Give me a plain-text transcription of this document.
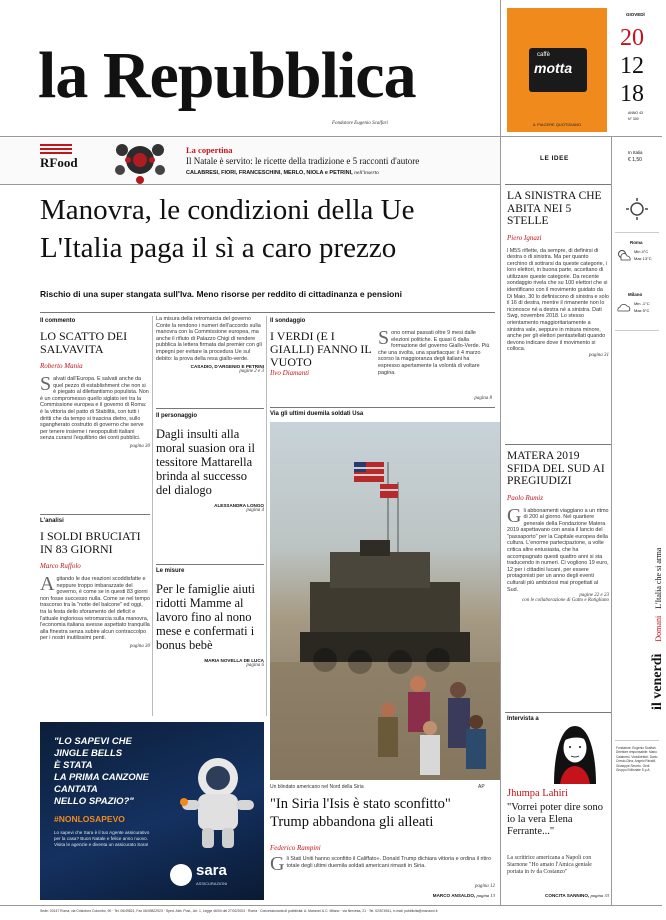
la Repubblica
Fondatore Eugenio Scalfari
caffè
motta
IL PIACERE QUOTIDIANO
GIOVEDÌ
20
12
18
ANNO 43
N° 300
RFood
La copertina
Il Natale è servito: le ricette della tradizione e 5 racconti d'autore
CALABRESI, FIORI, FRANCESCHINI, MERLO, NIOLA e PETRINI, nell'inserto
In Italia
€ 1,50
Manovra, le condizioni della Ue
L'Italia paga il sì a caro prezzo
Rischio di una super stangata sull'Iva. Meno risorse per reddito di cittadinanza e pensioni
Il commento
LO SCATTO DEI SALVAVITA
Roberto Mania
Salvati dall'Europa. E salvati anche da quel pezzo di establishment che non si è piegato al dilettantismo populista. Non è un compromesso quello siglato ieri tra la Commissione europea e il governo di Roma: è la vittoria del patto di Stabilità, con tutti i diritti che da tempo si trascina dietro, sullo sgangherato costrutto di governo che serve per tenere insieme i neopopulisti italiani senza curarsi l'equilibrio dei conti pubblici.
pagina 30
L'analisi
I SOLDI BRUCIATI IN 83 GIORNI
Marco Ruffolo
Agitando le due reazioni scoddisfatte e neppure troppo imbarazzate del governo, è come se in questi 83 giorni non fosse successo nulla. Come se nel tempo trascorso tra la "notte del balcone" ed oggi, tra la festa dello sforamento del deficit e l'attuale ingloriosa retromarcia sulla manovra, l'economia italiana avesse aspettato tranquilla alla finestra senza subire alcun contraccolpo per i nostri inutilissimi penti.
pagina 30
La misura della retromarcia del governo Conte la rendono i numeri dell'accordo sulla manovra con la Commissione europea, ma anche il rifiuto di Palazzo Chigi di rendere pubblica la lettera firmata dal premier con gli impegni per evitare la procedura Ue sul debito: la prova della resa giallo-verde.
CASADIO, D'ARGENIO E PETRINI
pagine 2 e 3
Il personaggio
Dagli insulti alla moral suasion ora il tessitore Mattarella brinda al successo del dialogo
ALESSANDRA LONGO
pagina 4
Le misure
Per le famiglie aiuti ridotti Mamme al lavoro fino al nono mese e confermati i bonus bebè
MARIA NOVELLA DE LUCA
pagina 6
Il sondaggio
I VERDI (E I GIALLI) FANNO IL VUOTO
Ilvo Diamanti
Sono ormai passati oltre 9 mesi dalle elezioni politiche. E quasi 6 dalla formazione del governo Giallo-Verde. Più che una svolta, una spartiacque: il 4 marzo scorso la maggioranza degli italiani ha espresso apertamente la volontà di voltare pagina.
pagina 8
Via gli ultimi duemila soldati Usa
Un blindato americano nel Nord della Siria	AP
"In Siria l'Isis è stato sconfitto"
Trump abbandona gli alleati
Federico Rampini
Gli Stati Uniti hanno sconfitto il Califfato». Donald Trump dichiara vittoria e ordina il ritiro totale degli ultimi duemila soldati americani rimasti in Siria.
pagina 12
MARCO ANSALDO, pagina 13
"LO SAPEVI CHE
JINGLE BELLS
È STATA
LA PRIMA CANZONE
CANTATA
NELLO SPAZIO?"
#NONLOSAPEVO
Lo sapevi che Sara è il tuo Agente assicurativo per la casa? Buon Natale e felice anno nuovo. Visita le agenzie e diventa un assicurato Sara!
sara
ASSICURAZIONI
LE IDEE
LA SINISTRA CHE ABITA NEI 5 STELLE
Piero Ignazi
l M5S riflette, da sempre, di definirsi di destra o di sinistra. Ma per quanto cerchino di sottrarsi da queste categorie, i loro elettori, in buona parte, accettano di utilizzare queste categorie. Da recente sondaggio rivela che su 100 elettori che si identificano con il movimento guidato da Di Maio, 30 lo definiscono di sinistra e solo il 16 di destra, mentre il rimanente non lo riconosce né a destra né a sinistra. Dati Swg, novembre 2018. Lo stesso orientamento maggioritariamente a sinistra vale, seppure in misura minore, anche per gli elettori pentastellati quando devono indicare dove il movimento si colloca.
pagina 31
MATERA 2019 SFIDA DEL SUD AI PREGIUDIZI
Paolo Rumiz
Gli abbonamenti viaggiano a un ritmo di 200 al giorno. Nel quartiere generale della Fondazione Matera 2019 aspettavano con ansia il lancio del "passaporto" per la Capitale europea della cultura. L'enorme partecipazione, a volte critica altre entusiasta, che ha accompagnato questi quattro anni si sta traducendo in numeri. Ci vogliono 19 euro, 12 per i cittadini lucani, per essere protagonisti per un anno degli eventi culturali più ambiziosi mai progettati al Sud.
pagine 22 e 23
con le collaborazione di Gatto e Rotigliano
Intervista a
Jhumpa Lahiri
"Vorrei poter dire sono io la vera Elena Ferrante..."
La scrittrice americana a Napoli con Starnone "Ho amato l'Amica geniale portata in tv da Costanzo"
CONCITA SANNINO, pagina 33
Roma
Min 4°C
Max 13°C
Milano
Min -1°C
Max 5°C
il venerdì Domani L'Italia che si arma
Fondatore: Eugenio Scalfari. Direttore responsabile: Mario Calabresi. Vicedirettori: Dario Cresto-Dina, Angelo Rinaldi, Giuseppe Smorto. Gedi Gruppo Editoriale S.p.A.
Sede: 00147 Roma, via Cristoforo Colombo, 90 · Tel. 06/49821, Fax 06/49822923 · Sped. Abb. Post., Art. 1, Legge 46/04 del 27/02/2004 · Roma · Concessionaria di pubblicità: A. Manzoni & C. Milano · via Nervesa, 21 · Tel. 02/574941, e-mail: pubblicita@manzoni.it
